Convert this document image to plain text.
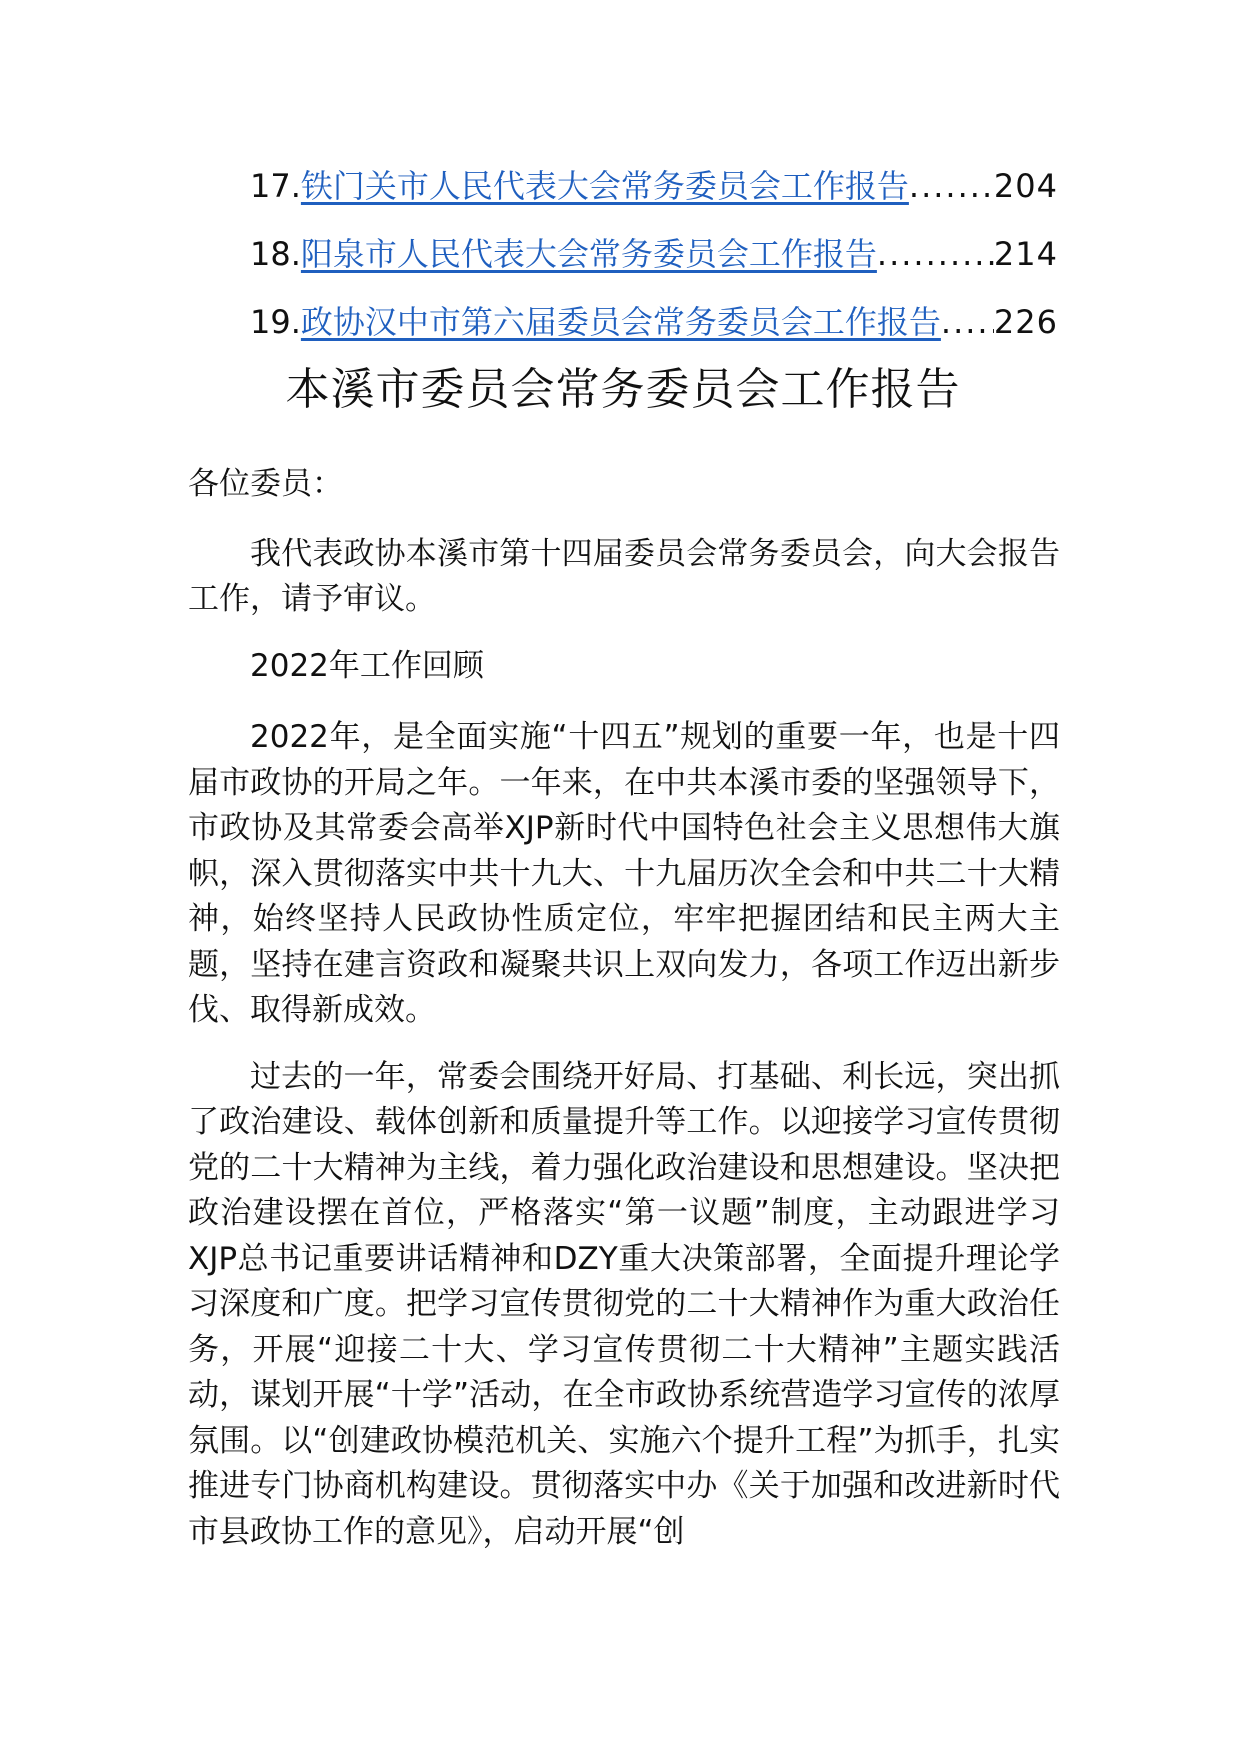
17. 铁门关市人民代表大会常务委员会工作报告 .....	204
18. 阳泉市人民代表大会常务委员会工作报告 .....	214
19. 政协汉中市第六届委员会常务委员会工作报告 ..... 226
本溪市委员会常务委员会工作报告

各位委员：

我代表政协本溪市第十四届委员会常务委员会，向大会报告工作，请予审议。

2022年工作回顾

2022年，是全面实施“十四五”规划的重要一年，也是十四届市政协的开局之年。一年来，在中共本溪市委的坚强领导下，市政协及其常委会高举XJP新时代中国特色社会主义思想伟大旗帜，深入贯彻落实中共十九大、十九届历次全会和中共二十大精神，始终坚持人民政协性质定位，牢牢把握团结和民主两大主题，坚持在建言资政和凝聚共识上双向发力，各项工作迈出新步伐、取得新成效。

过去的一年，常委会围绕开好局、打基础、利长远，突出抓了政治建设、载体创新和质量提升等工作。以迎接学习宣传贯彻党的二十大精神为主线，着力强化政治建设和思想建设。坚决把政治建设摆在首位，严格落实“第一议题”制度，主动跟进学习XJP总书记重要讲话精神和DZY重大决策部署，全面提升理论学习深度和广度。把学习宣传贯彻党的二十大精神作为重大政治任务，开展“迎接二十大、学习宣传贯彻二十大精神”主题实践活动，谋划开展“十学”活动，在全市政协系统营造学习宣传的浓厚氛围。以“创建政协模范机关、实施六个提升工程”为抓手，扎实推进专门协商机构建设。贯彻落实中办《关于加强和改进新时代市县政协工作的意见》，启动开展“创
